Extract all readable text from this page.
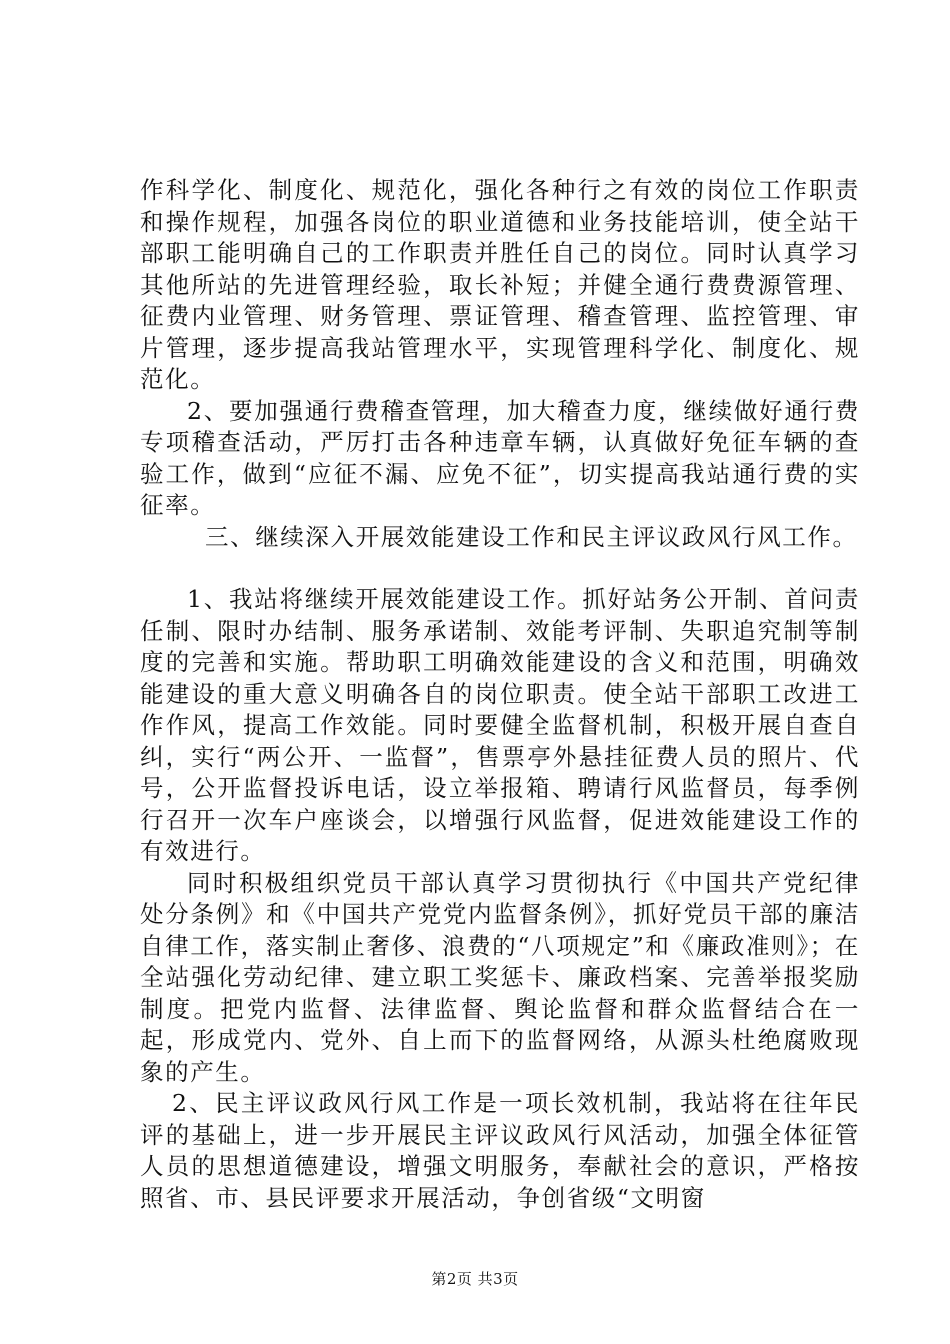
作科学化、制度化、规范化，强化各种行之有效的岗位工作职责和操作规程，加强各岗位的职业道德和业务技能培训，使全站干部职工能明确自己的工作职责并胜任自己的岗位。同时认真学习其他所站的先进管理经验，取长补短；并健全通行费费源管理、征费内业管理、财务管理、票证管理、稽查管理、监控管理、审片管理，逐步提高我站管理水平，实现管理科学化、制度化、规范化。

2、要加强通行费稽查管理，加大稽查力度，继续做好通行费专项稽查活动，严厉打击各种违章车辆，认真做好免征车辆的查验工作，做到“应征不漏、应免不征”，切实提高我站通行费的实征率。

三、继续深入开展效能建设工作和民主评议政风行风工作。

1、我站将继续开展效能建设工作。抓好站务公开制、首问责任制、限时办结制、服务承诺制、效能考评制、失职追究制等制度的完善和实施。帮助职工明确效能建设的含义和范围，明确效能建设的重大意义明确各自的岗位职责。使全站干部职工改进工作作风，提高工作效能。同时要健全监督机制，积极开展自查自纠，实行“两公开、一监督”，售票亭外悬挂征费人员的照片、代号，公开监督投诉电话，设立举报箱、聘请行风监督员，每季例行召开一次车户座谈会，以增强行风监督，促进效能建设工作的有效进行。

同时积极组织党员干部认真学习贯彻执行《中国共产党纪律处分条例》和《中国共产党党内监督条例》，抓好党员干部的廉洁自律工作，落实制止奢侈、浪费的“八项规定”和《廉政准则》；在全站强化劳动纪律、建立职工奖惩卡、廉政档案、完善举报奖励制度。把党内监督、法律监督、舆论监督和群众监督结合在一起，形成党内、党外、自上而下的监督网络，从源头杜绝腐败现象的产生。

2、民主评议政风行风工作是一项长效机制，我站将在往年民评的基础上，进一步开展民主评议政风行风活动，加强全体征管人员的思想道德建设，增强文明服务，奉献社会的意识，严格按照省、市、县民评要求开展活动，争创省级“文明窗

第2页 共3页
